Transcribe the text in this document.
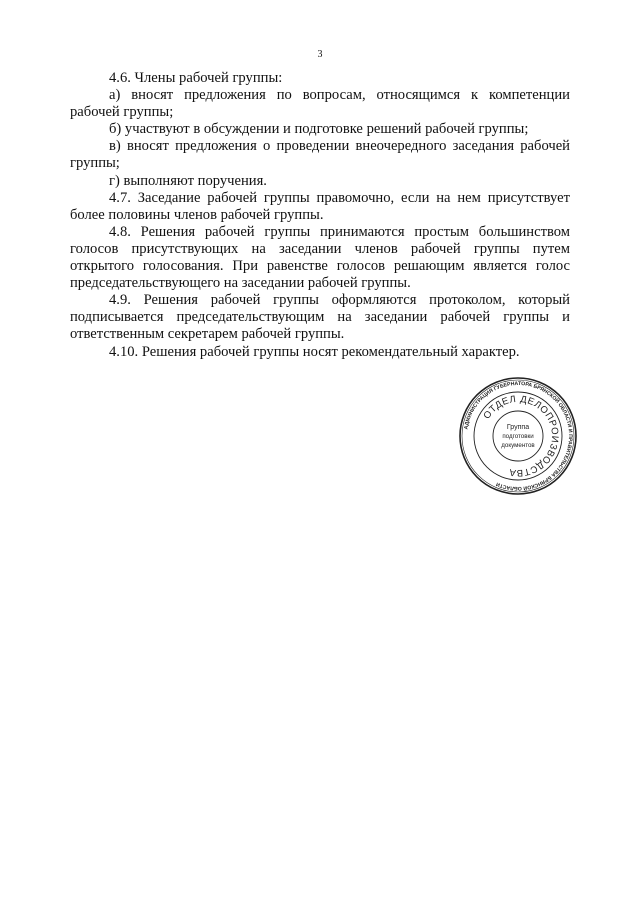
3

4.6. Члены рабочей группы:

а) вносят предложения по вопросам, относящимся к компетенции рабочей группы;

б) участвуют в обсуждении и подготовке решений рабочей группы;

в) вносят предложения о проведении внеочередного заседания рабочей группы;

г) выполняют поручения.

4.7. Заседание рабочей группы правомочно, если на нем присутствует более половины членов рабочей группы.

4.8. Решения рабочей группы принимаются простым большинством голосов присутствующих на заседании членов рабочей группы путем открытого голосования. При равенстве голосов решающим является голос председательствующего на заседании рабочей группы.

4.9. Решения рабочей группы оформляются протоколом, который подписывается председательствующим на заседании рабочей группы и ответственным секретарем рабочей группы.

4.10. Решения рабочей группы носят рекомендательный характер.

АДМИНИСТРАЦИЯ ГУБЕРНАТОРА БРЯНСКОЙ ОБЛАСТИ И ПРАВИТЕЛЬСТВА БРЯНСКОЙ ОБЛАСТИ
ОТДЕЛ ДЕЛОПРОИЗВОДСТВА
Группа
подготовки
документов
